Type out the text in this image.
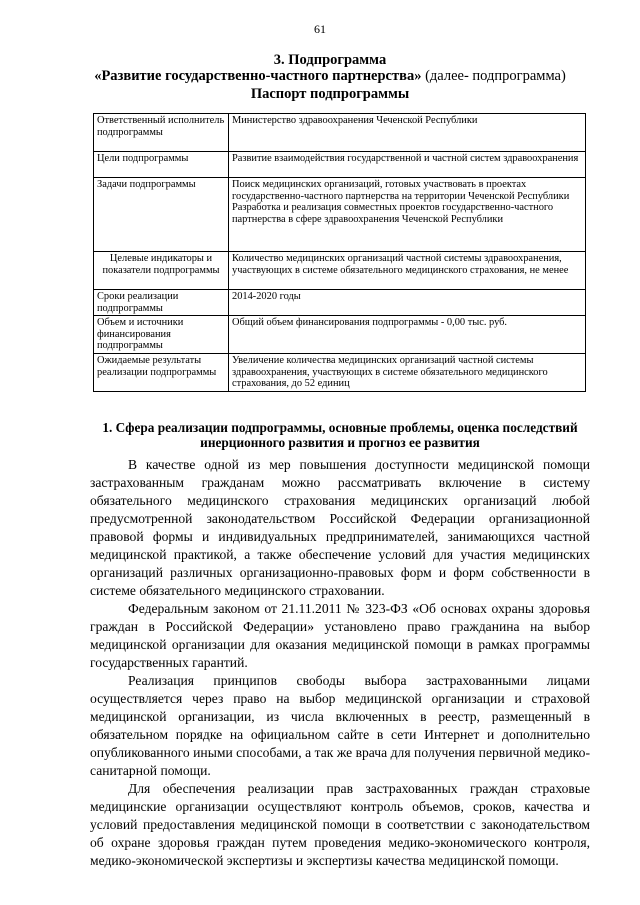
61
3. Подпрограмма
«Развитие государственно-частного партнерства» (далее- подпрограмма)
Паспорт подпрограммы
Ответственный исполнитель подпрограммы	Министерство здравоохранения Чеченской Республики
Цели подпрограммы	Развитие взаимодействия государственной и частной систем здравоохранения
Задачи подпрограммы	Поиск медицинских организаций, готовых участвовать в проектах государственно-частного партнерства на территории Чеченской Республики
Разработка и реализация совместных проектов государственно-частного партнерства в сфере здравоохранения Чеченской Республики

Целевые индикаторы и показатели подпрограммы	Количество медицинских организаций частной системы здравоохранения, участвующих в системе обязательного медицинского страхования, не менее
Сроки реализации подпрограммы	2014-2020 годы
Объем и источники финансирования подпрограммы	Общий объем финансирования подпрограммы - 0,00 тыс. руб.
Ожидаемые результаты реализации подпрограммы	Увеличение количества медицинских организаций частной системы здравоохранения, участвующих в системе обязательного медицинского страхования, до 52 единиц
1. Сфера реализации подпрограммы, основные проблемы, оценка последствий инерционного развития и прогноз ее развития

В качестве одной из мер повышения доступности медицинской помощи застрахованным гражданам можно рассматривать включение в систему обязательного медицинского страхования медицинских организаций любой предусмотренной законодательством Российской Федерации организационной правовой формы и индивидуальных предпринимателей, занимающихся частной медицинской практикой, а также обеспечение условий для участия медицинских организаций различных организационно-правовых форм и форм собственности в системе обязательного медицинского страховании.

Федеральным законом от 21.11.2011 № 323-ФЗ «Об основах охраны здоровья граждан в Российской Федерации» установлено право гражданина на выбор медицинской организации для оказания медицинской помощи в рамках программы государственных гарантий.

Реализация принципов свободы выбора застрахованными лицами осуществляется через право на выбор медицинской организации и страховой медицинской организации, из числа включенных в реестр, размещенный в обязательном порядке на официальном сайте в сети Интернет и дополнительно опубликованного иными способами, а так же врача для получения первичной медико-санитарной помощи.

Для обеспечения реализации прав застрахованных граждан страховые медицинские организации осуществляют контроль объемов, сроков, качества и условий предоставления медицинской помощи в соответствии с законодательством об охране здоровья граждан путем проведения медико-экономического контроля, медико-экономической экспертизы и экспертизы качества медицинской помощи.
